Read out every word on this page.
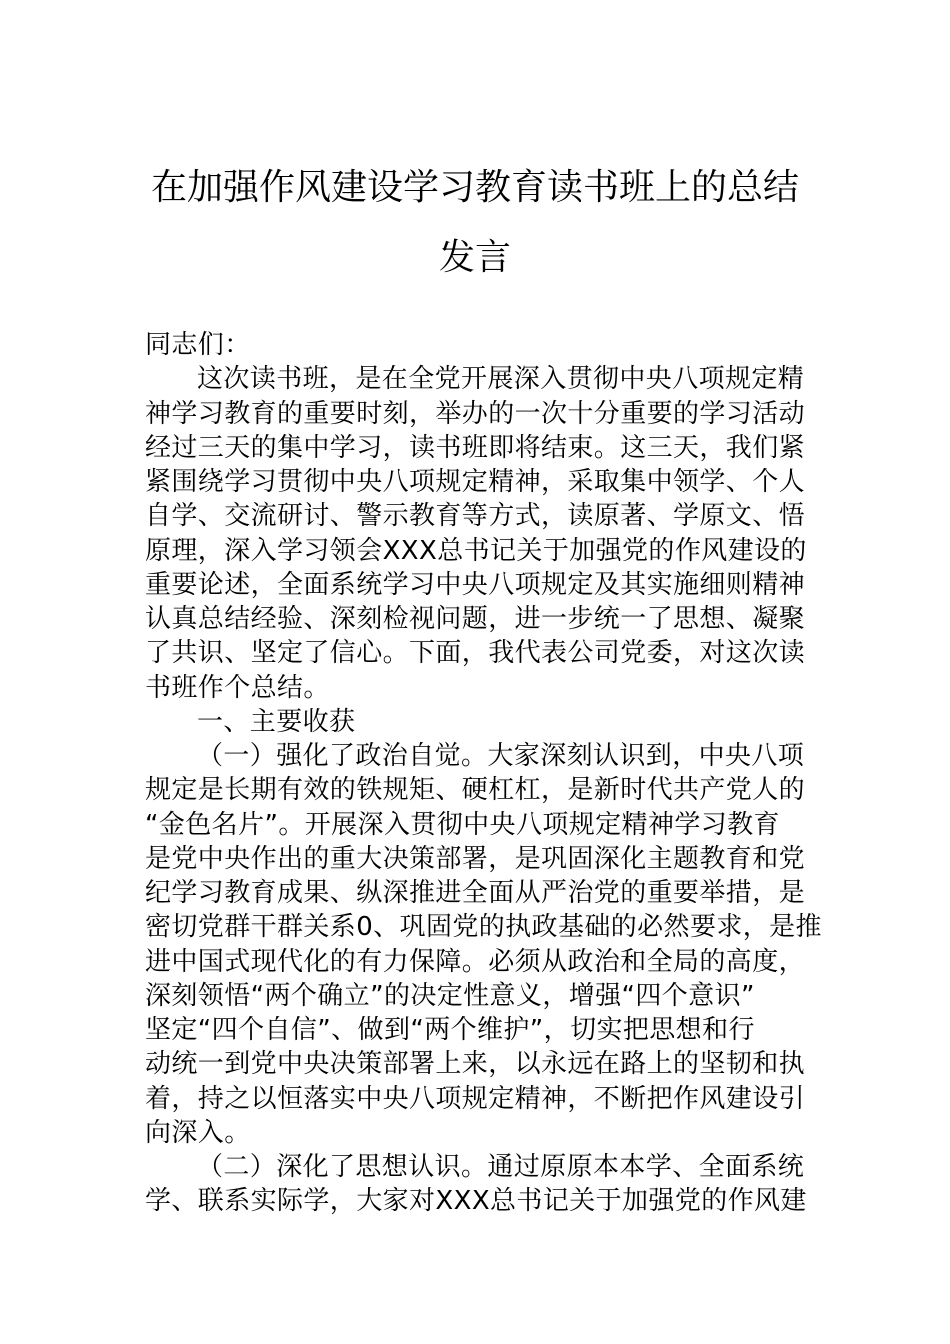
在加强作风建设学习教育读书班上的总结
发言
同志们：
这次读书班，是在全党开展深入贯彻中央八项规定精
神学习教育的重要时刻，举办的一次十分重要的学习活动
经过三天的集中学习，读书班即将结束。这三天，我们紧
紧围绕学习贯彻中央八项规定精神，采取集中领学、个人
自学、交流研讨、警示教育等方式，读原著、学原文、悟
原理，深入学习领会XXX总书记关于加强党的作风建设的
重要论述，全面系统学习中央八项规定及其实施细则精神
认真总结经验、深刻检视问题，进一步统一了思想、凝聚
了共识、坚定了信心。下面，我代表公司党委，对这次读
书班作个总结。
一、主要收获
（一）强化了政治自觉。大家深刻认识到，中央八项
规定是长期有效的铁规矩、硬杠杠，是新时代共产党人的
“金色名片”。开展深入贯彻中央八项规定精神学习教育
是党中央作出的重大决策部署，是巩固深化主题教育和党
纪学习教育成果、纵深推进全面从严治党的重要举措，是
密切党群干群关系0、巩固党的执政基础的必然要求，是推
进中国式现代化的有力保障。必须从政治和全局的高度，
深刻领悟“两个确立”的决定性意义，增强“四个意识”
坚定“四个自信”、做到“两个维护”，切实把思想和行
动统一到党中央决策部署上来，以永远在路上的坚韧和执
着，持之以恒落实中央八项规定精神，不断把作风建设引
向深入。
（二）深化了思想认识。通过原原本本学、全面系统
学、联系实际学，大家对XXX总书记关于加强党的作风建
